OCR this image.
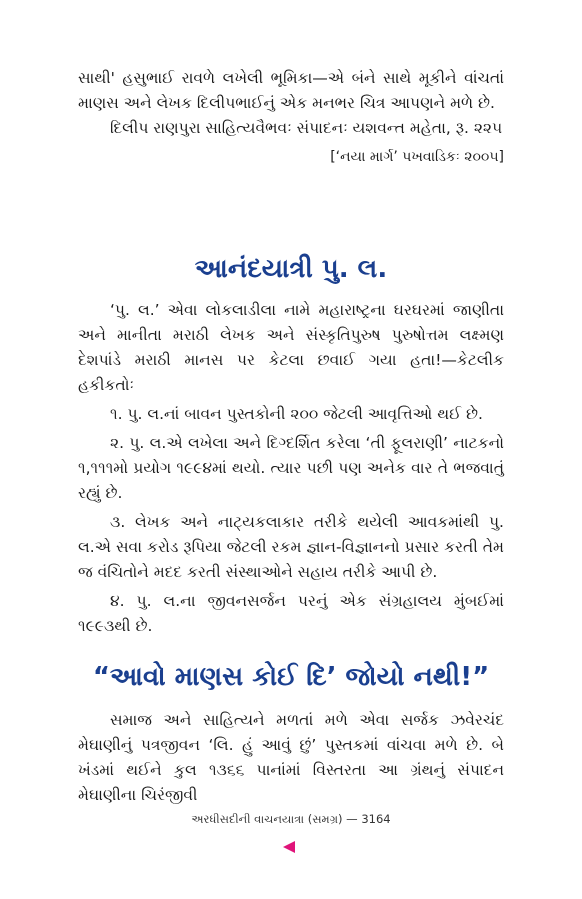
સાથી' હસુભાઈ રાવળે લખેલી ભૂમિકા—એ બંને સાથે મૂકીને વાંચતાં માણસ અને લેખક દિલીપભાઈનું એક મનભર ચિત્ર આપણને મળે છે.

દિલીપ રાણપુરા સાહિત્યવૈભવઃ સંપાદનઃ યશવન્ત મહેતા, રૂ. ૨૨૫

[‘નયા માર્ગ’ પખવાડિકઃ ૨૦૦૫]

આનંદયાત્રી પુ. લ.

‘પુ. લ.’ એવા લોકલાડીલા નામે મહારાષ્ટ્રના ઘરઘરમાં જાણીતા અને માનીતા મરાઠી લેખક અને સંસ્કૃતિપુરુષ પુરુષોત્તમ લક્ષ્મણ દેશપાંડે મરાઠી માનસ પર કેટલા છવાઈ ગયા હતા!—કેટલીક હકીકતોઃ

૧. પુ. લ.નાં બાવન પુસ્તકોની ૨૦૦ જેટલી આવૃત્તિઓ થઈ છે.

૨. પુ. લ.એ લખેલા અને દિગ્દર્શિત કરેલા ‘તી ફૂલરાણી’ નાટકનો ૧,૧૧૧મો પ્રયોગ ૧૯૯૪માં થયો. ત્યાર પછી પણ અનેક વાર તે ભજવાતું રહ્યું છે.

૩. લેખક અને નાટ્યકલાકાર તરીકે થયેલી આવકમાંથી પુ. લ.એ સવા કરોડ રૂપિયા જેટલી રકમ જ્ઞાન-વિજ્ઞાનનો પ્રસાર કરતી તેમ જ વંચિતોને મદદ કરતી સંસ્થાઓને સહાય તરીકે આપી છે.

૪. પુ. લ.ના જીવનસર્જન પરનું એક સંગ્રહાલય મુંબઈમાં ૧૯૯૩થી છે.

“આવો માણસ કોઈ દિ’ જોયો નથી!”

સમાજ અને સાહિત્યને મળતાં મળે એવા સર્જક ઝવેરચંદ મેઘાણીનું પત્રજીવન ‘લિ. હું આવું છું’ પુસ્તકમાં વાંચવા મળે છે. બે ખંડમાં થઈને કુલ ૧૩૬૬ પાનાંમાં વિસ્તરતા આ ગ્રંથનું સંપાદન મેઘાણીના ચિરંજીવી

અરધીસદીની વાચનયાત્રા (સમગ્ર) — 3164
